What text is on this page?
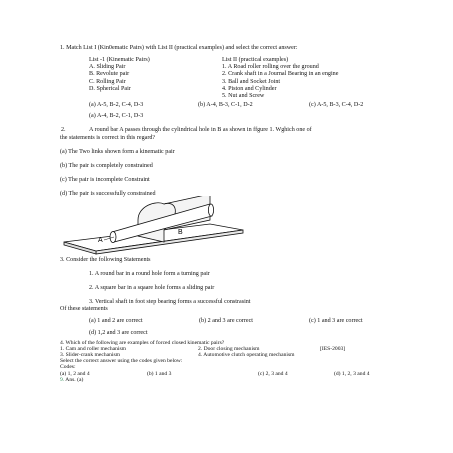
1. Match List I (Kin0ematic Pairs) with List II (practical examples) and select the correct answer:
List -1 (Kinematic Pairs)
A. Sliding Pair
B. Revolute pair
C. Rolling Pair
D. Spherical Pair
List II (practical examples)
1. A Road roller rolling over the ground
2. Crank shaft in a Journal Bearing in an engine
3. Ball and Socket Joint
4. Piston and Cylinder
5. Nut and Screw
(a) A-5, B-2, C-4, D-3	(b) A-4, B-3, C-1, D-2	(c) A-5, B-3, C-4, D-2
(a) A-4, B-2, C-1, D-3
2.	A round bar A passes through the cylindrical hole in B as shown in ffgure 1. Wghich one of
the statements is correct in this regard?
(a) The Two links shown form a kinematic pair
(b) The pair is completely constrained
(c) The pair is incomplete Constraint
(d) The pair is successfully constrained
A
B
3. Consider the following Statements
1. A round bar in a round hole form a turning pair
2. A square bar in a sqaare hole forms a sliding pair
3. Vertical shaft in foot step bearing forms a successful constrasint
Of these statements
(a) 1 and 2 are correct	(b) 2 and 3 are correct	(c) 1 and 3 are correct
(d) 1,2 and 3 are correct
4. Which of the following are examples of forced closed kinematic pairs?
1. Cam and roller mechanism	2. Door closing mechanism	[IES-2003]
3. Slider-crank mechanism	4. Automotive clutch operating mechanism
Select the correct answer using the codes given below:
Codes:
(a) 1, 2 and 4	(b) 1 and 3	(c) 2, 3 and 4	(d) 1, 2, 3 and 4
9. Ans. (a)
